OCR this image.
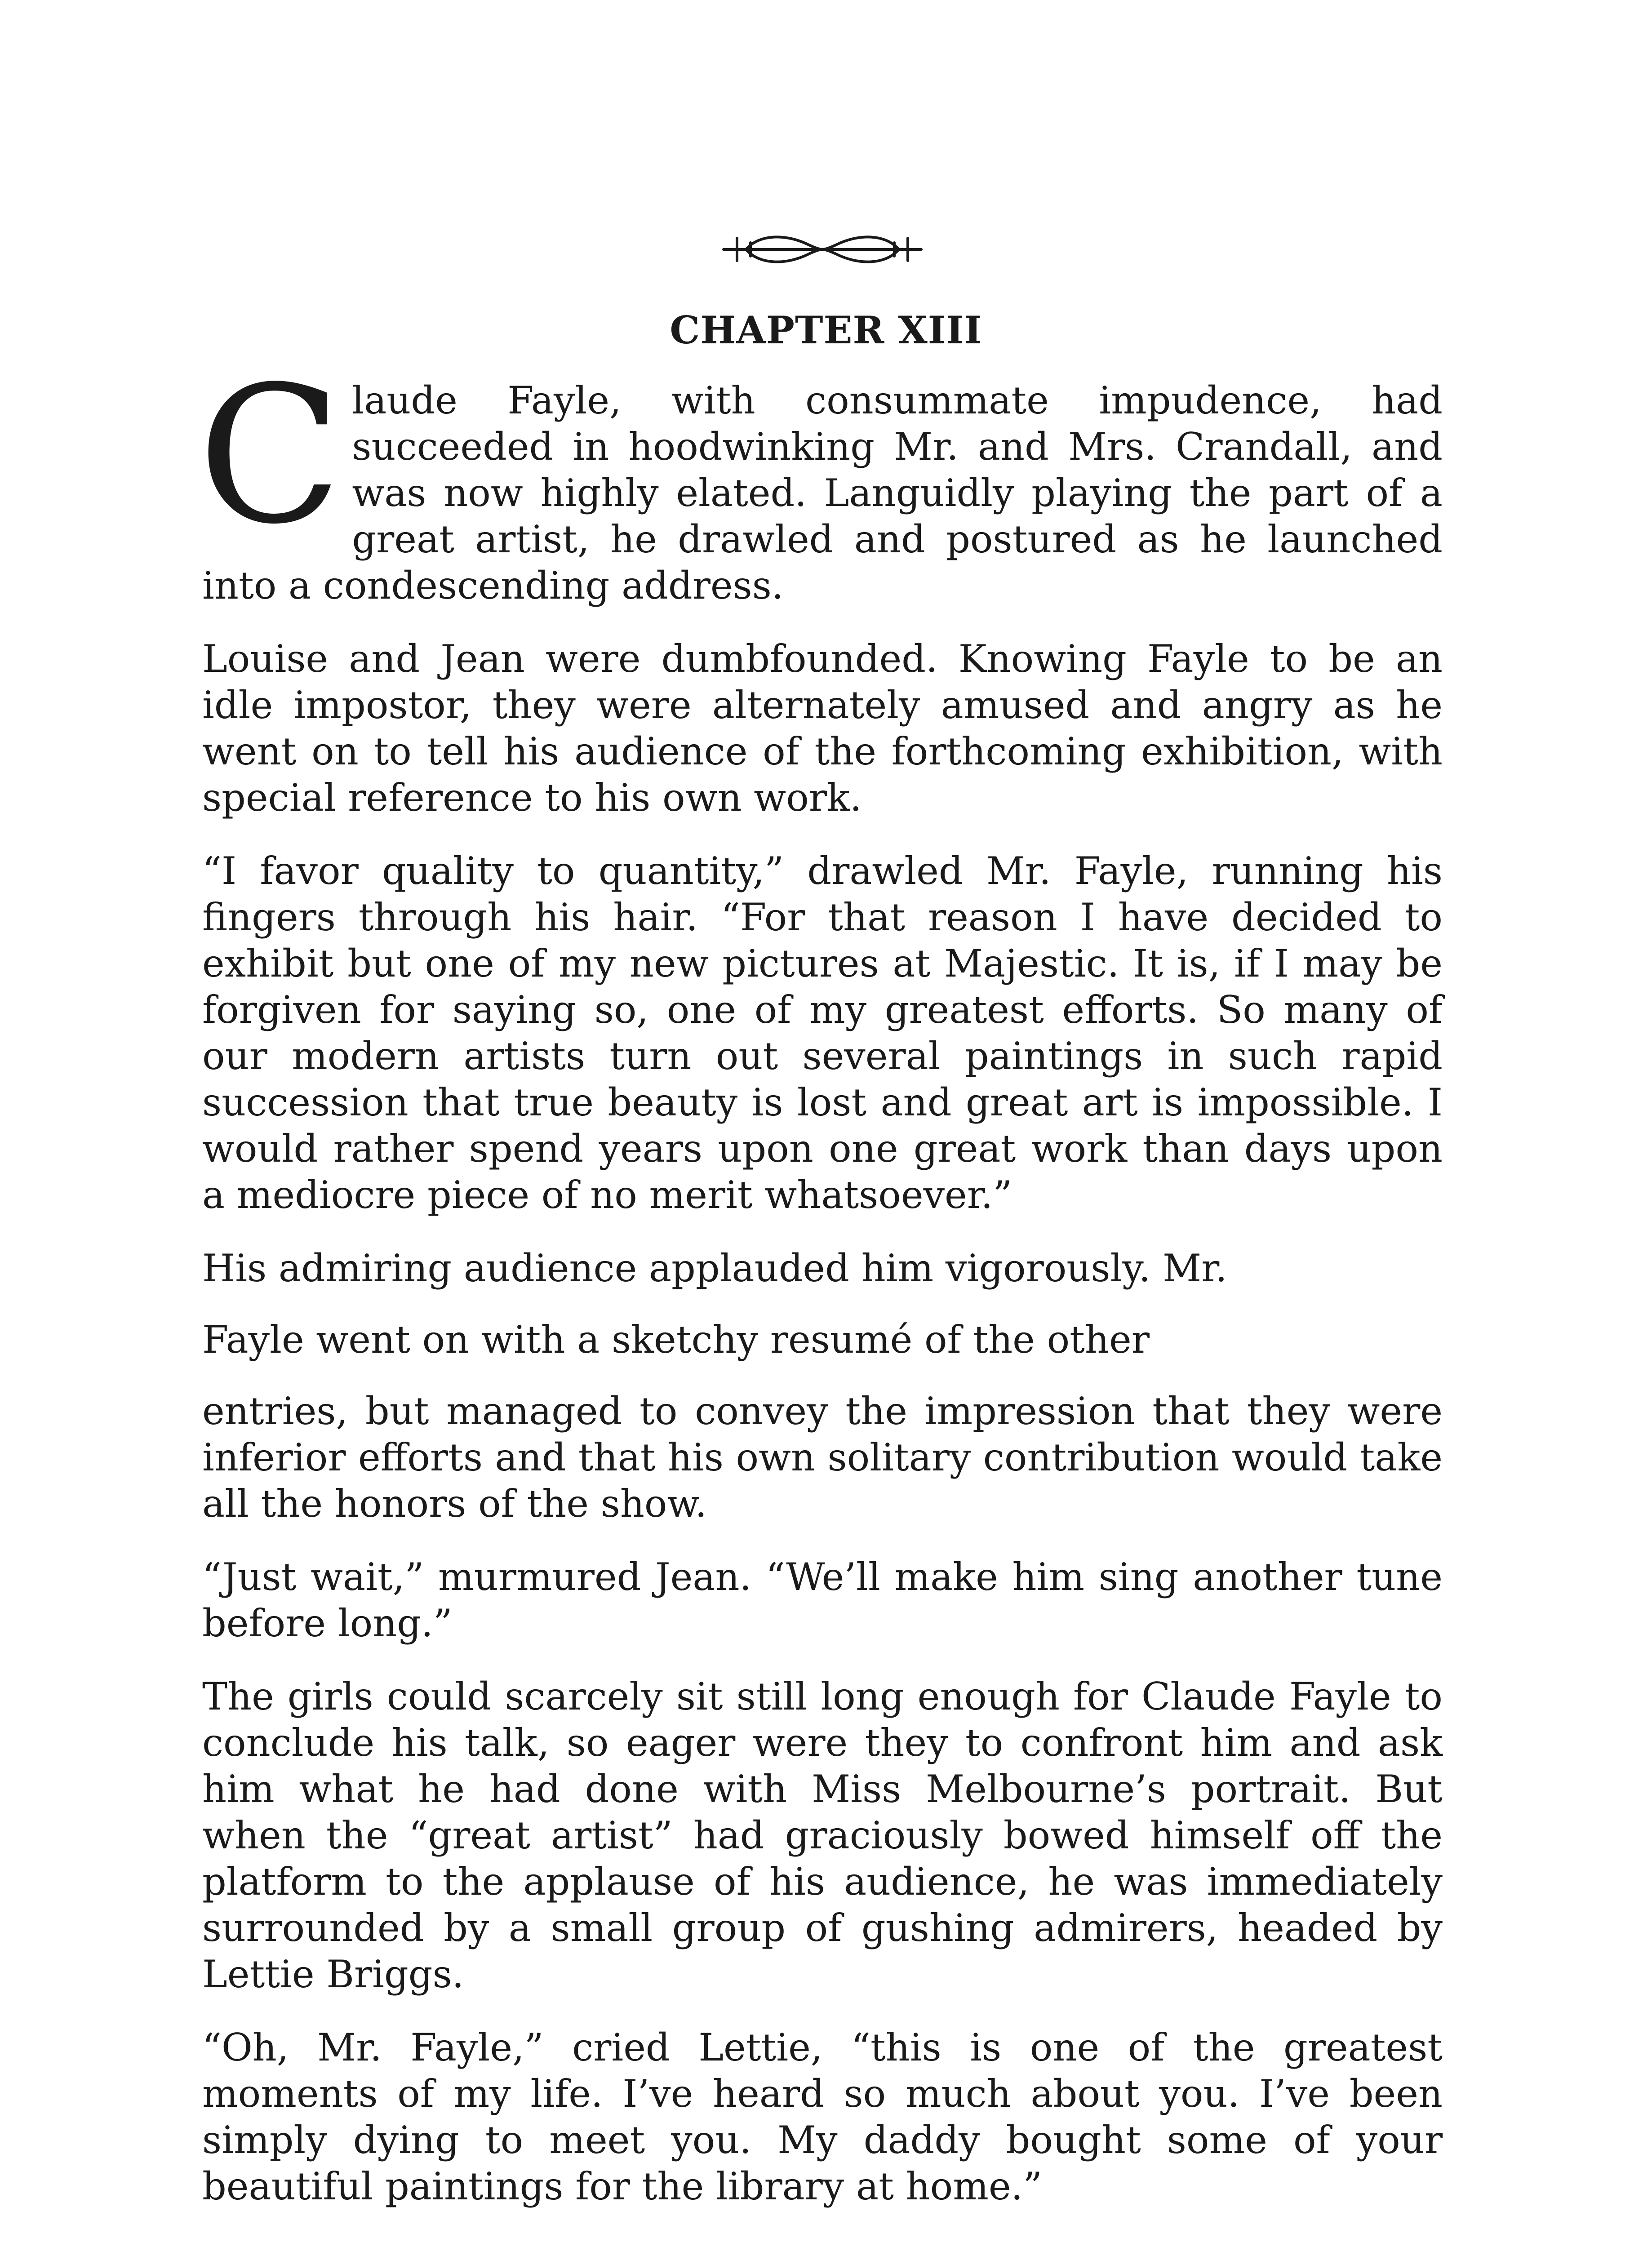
CHAPTER XIII

Claude Fayle, with consummate impudence, had succeeded in hoodwinking Mr. and Mrs. Crandall, and was now highly elated. Languidly playing the part of a great artist, he drawled and postured as he launched into a condescending address.

Louise and Jean were dumbfounded. Knowing Fayle to be an idle impostor, they were alternately amused and angry as he went on to tell his audience of the forthcoming exhibition, with special reference to his own work.

“I favor quality to quantity,” drawled Mr. Fayle, running his fingers through his hair. “For that reason I have decided to exhibit but one of my new pictures at Majestic. It is, if I may be forgiven for saying so, one of my greatest efforts. So many of our modern artists turn out several paintings in such rapid succession that true beauty is lost and great art is impossible. I would rather spend years upon one great work than days upon a mediocre piece of no merit whatsoever.”

His admiring audience applauded him vigorously. Mr.

Fayle went on with a sketchy resumé of the other

entries, but managed to convey the impression that they were inferior efforts and that his own solitary contribution would take all the honors of the show.

“Just wait,” murmured Jean. “We’ll make him sing another tune before long.”

The girls could scarcely sit still long enough for Claude Fayle to conclude his talk, so eager were they to confront him and ask him what he had done with Miss Melbourne’s portrait. But when the “great artist” had graciously bowed himself off the platform to the applause of his audience, he was immediately surrounded by a small group of gushing admirers, headed by Lettie Briggs.

“Oh, Mr. Fayle,” cried Lettie, “this is one of the greatest moments of my life. I’ve heard so much about you. I’ve been simply dying to meet you. My daddy bought some of your beautiful paintings for the library at home.”
